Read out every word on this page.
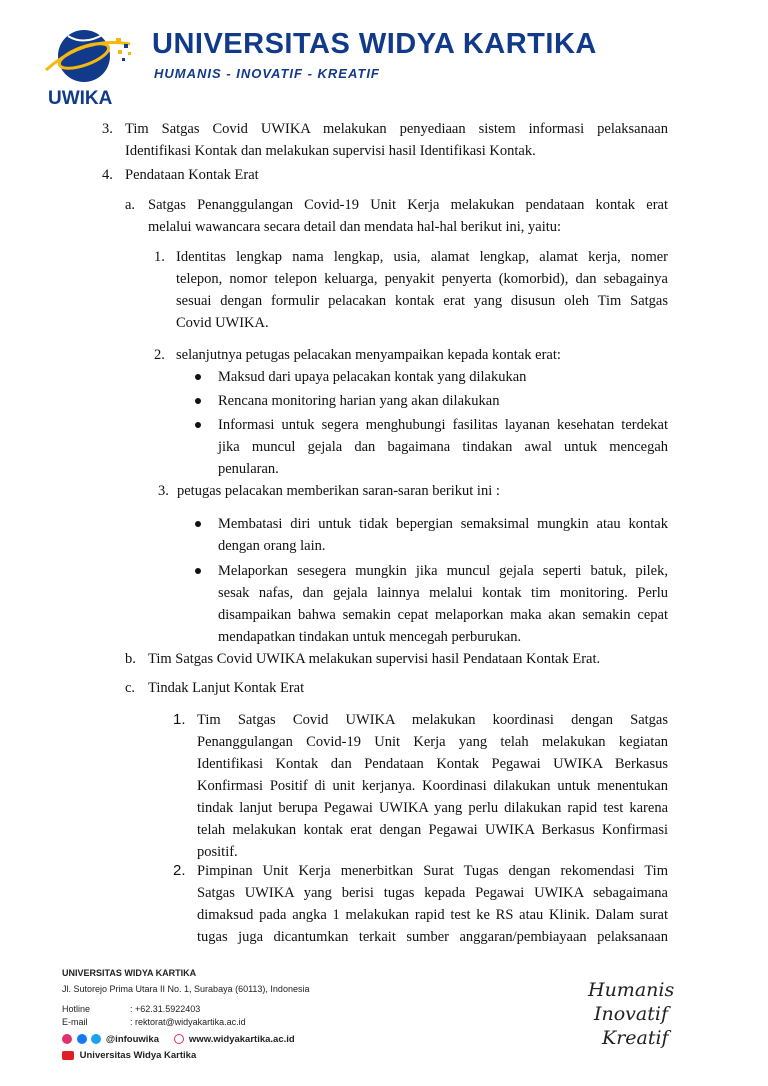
UWIKA
UNIVERSITAS WIDYA KARTIKA
HUMANIS - INOVATIF - KREATIF
3. Tim Satgas Covid UWIKA melakukan penyediaan sistem informasi pelaksanaan
Identifikasi Kontak dan melakukan supervisi hasil Identifikasi Kontak.
4. Pendataan Kontak Erat
a. Satgas Penanggulangan Covid-19 Unit Kerja melakukan pendataan kontak erat
melalui wawancara secara detail dan mendata hal-hal berikut ini, yaitu:
1. Identitas lengkap nama lengkap, usia, alamat lengkap, alamat kerja, nomer
telepon, nomor telepon keluarga, penyakit penyerta (komorbid), dan sebagainya
sesuai dengan formulir pelacakan kontak erat yang disusun oleh Tim Satgas
Covid UWIKA.
2. selanjutnya petugas pelacakan menyampaikan kepada kontak erat:
Maksud dari upaya pelacakan kontak yang dilakukan
Rencana monitoring harian yang akan dilakukan
Informasi untuk segera menghubungi fasilitas layanan kesehatan terdekat
jika muncul gejala dan bagaimana tindakan awal untuk mencegah
penularan.
3. petugas pelacakan memberikan saran-saran berikut ini :
Membatasi diri untuk tidak bepergian semaksimal mungkin atau kontak
dengan orang lain.
Melaporkan sesegera mungkin jika muncul gejala seperti batuk, pilek,
sesak nafas, dan gejala lainnya melalui kontak tim monitoring. Perlu
disampaikan bahwa semakin cepat melaporkan maka akan semakin cepat
mendapatkan tindakan untuk mencegah perburukan.
b. Tim Satgas Covid UWIKA melakukan supervisi hasil Pendataan Kontak Erat.
c. Tindak Lanjut Kontak Erat
1. Tim Satgas Covid UWIKA melakukan koordinasi dengan Satgas
Penanggulangan Covid-19 Unit Kerja yang telah melakukan kegiatan
Identifikasi Kontak dan Pendataan Kontak Pegawai UWIKA Berkasus
Konfirmasi Positif di unit kerjanya. Koordinasi dilakukan untuk menentukan
tindak lanjut berupa Pegawai UWIKA yang perlu dilakukan rapid test karena
telah melakukan kontak erat dengan Pegawai UWIKA Berkasus Konfirmasi
positif.
2. Pimpinan Unit Kerja menerbitkan Surat Tugas dengan rekomendasi Tim
Satgas UWIKA yang berisi tugas kepada Pegawai UWIKA sebagaimana
dimaksud pada angka 1 melakukan rapid test ke RS atau Klinik. Dalam surat
tugas juga dicantumkan terkait sumber anggaran/pembiayaan pelaksanaan
UNIVERSITAS WIDYA KARTIKA
Jl. Sutorejo Prima Utara II No. 1, Surabaya (60113), Indonesia
Hotline	: +62.31.5922403
E-mail	: rektorat@widyakartika.ac.id
@infouwika	www.widyakartika.ac.id
Universitas Widya Kartika
Humanis
Inovatif
Kreatif
